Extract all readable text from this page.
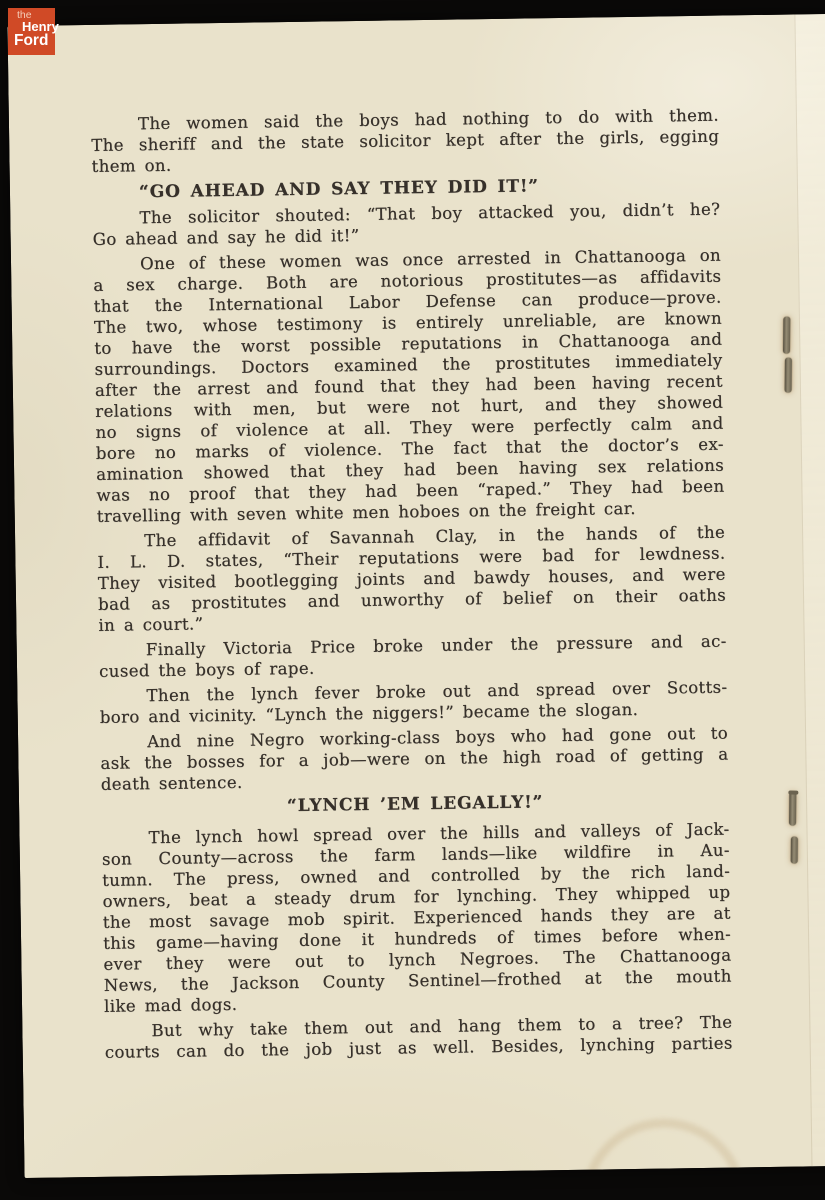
The women said the boys had nothing to do with them.
The sheriff and the state solicitor kept after the girls, egging
them on.
“GO AHEAD AND SAY THEY DID IT!”
The solicitor shouted: “That boy attacked you, didn’t he?
Go ahead and say he did it!”
One of these women was once arrested in Chattanooga on
a sex charge. Both are notorious prostitutes—as affidavits
that the International Labor Defense can produce—prove.
The two, whose testimony is entirely unreliable, are known
to have the worst possible reputations in Chattanooga and
surroundings. Doctors examined the prostitutes immediately
after the arrest and found that they had been having recent
relations with men, but were not hurt, and they showed
no signs of violence at all. They were perfectly calm and
bore no marks of violence. The fact that the doctor’s ex-
amination showed that they had been having sex relations
was no proof that they had been “raped.” They had been
travelling with seven white men hoboes on the freight car.
The affidavit of Savannah Clay, in the hands of the
I. L. D. states, “Their reputations were bad for lewdness.
They visited bootlegging joints and bawdy houses, and were
bad as prostitutes and unworthy of belief on their oaths
in a court.”
Finally Victoria Price broke under the pressure and ac-
cused the boys of rape.
Then the lynch fever broke out and spread over Scotts-
boro and vicinity. “Lynch the niggers!” became the slogan.
And nine Negro working-class boys who had gone out to
ask the bosses for a job—were on the high road of getting a
death sentence.
“LYNCH ’EM LEGALLY!”
The lynch howl spread over the hills and valleys of Jack-
son County—across the farm lands—like wildfire in Au-
tumn. The press, owned and controlled by the rich land-
owners, beat a steady drum for lynching. They whipped up
the most savage mob spirit. Experienced hands they are at
this game—having done it hundreds of times before when-
ever they were out to lynch Negroes. The Chattanooga
News, the Jackson County Sentinel—frothed at the mouth
like mad dogs.
But why take them out and hang them to a tree? The
courts can do the job just as well. Besides, lynching parties
the
Henry
Ford
